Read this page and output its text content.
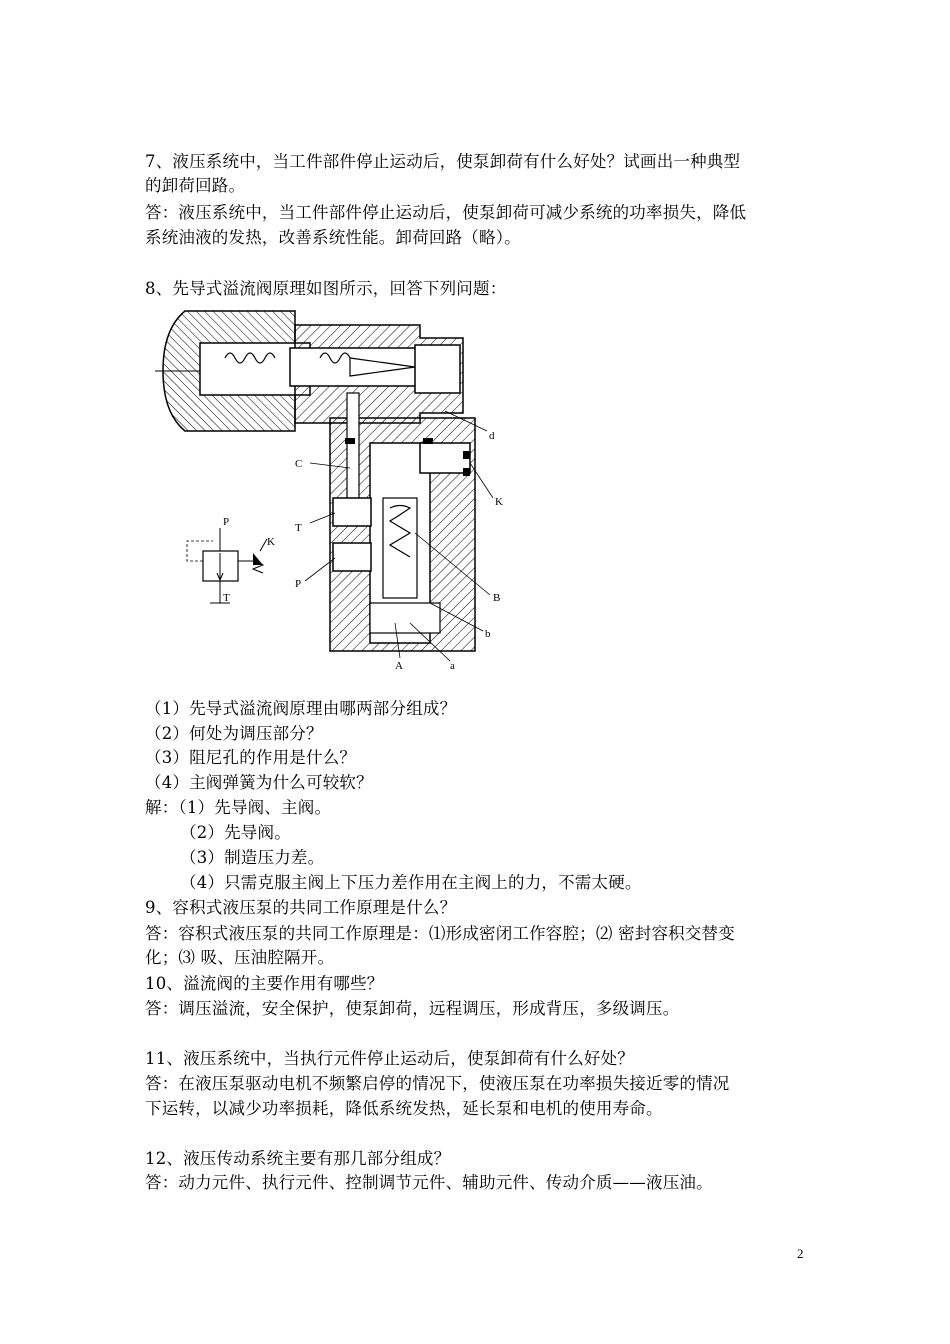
7、液压系统中，当工件部件停止运动后，使泵卸荷有什么好处？试画出一种典型
的卸荷回路。
答：液压系统中，当工件部件停止运动后，使泵卸荷可减少系统的功率损失，降低
系统油液的发热，改善系统性能。卸荷回路（略）。
8、先导式溢流阀原理如图所示，回答下列问题：
d
C
K
T
P
B
b
A	a
P
K
T
（1）先导式溢流阀原理由哪两部分组成？
（2）何处为调压部分？
（3）阻尼孔的作用是什么？
（4）主阀弹簧为什么可较软？
解：（1）先导阀、主阀。
（2）先导阀。
（3）制造压力差。
（4）只需克服主阀上下压力差作用在主阀上的力，不需太硬。
9、容积式液压泵的共同工作原理是什么？
答：容积式液压泵的共同工作原理是：⑴形成密闭工作容腔；⑵ 密封容积交替变
化；⑶ 吸、压油腔隔开。
10、溢流阀的主要作用有哪些？
答：调压溢流，安全保护，使泵卸荷，远程调压，形成背压，多级调压。
11、液压系统中，当执行元件停止运动后，使泵卸荷有什么好处？
答：在液压泵驱动电机不频繁启停的情况下，使液压泵在功率损失接近零的情况
下运转，以减少功率损耗，降低系统发热，延长泵和电机的使用寿命。
12、液压传动系统主要有那几部分组成？
答：动力元件、执行元件、控制调节元件、辅助元件、传动介质——液压油。
2
